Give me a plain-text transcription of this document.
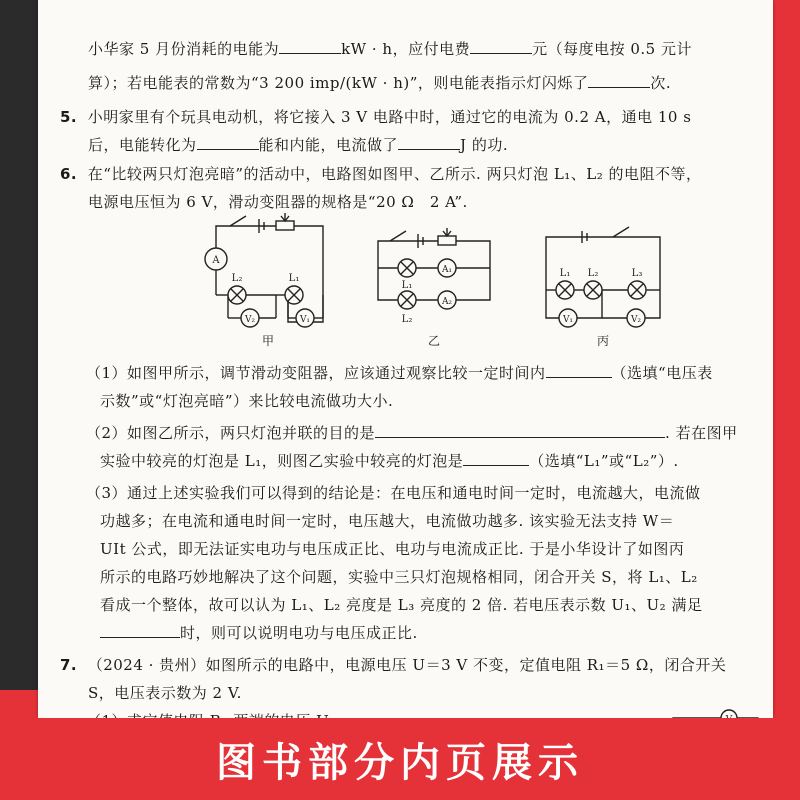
小华家 5 月份消耗的电能为	kW · h，应付电费	元（每度电按 0.5 元计
算）；若电能表的常数为“3 200 imp/(kW · h)”，则电能表指示灯闪烁了	次.
5. 小明家里有个玩具电动机，将它接入 3 V 电路中时，通过它的电流为 0.2 A，通电 10 s
后，电能转化为	能和内能，电流做了	J 的功.
6. 在“比较两只灯泡亮暗”的活动中，电路图如图甲、乙所示. 两只灯泡 L₁、L₂ 的电阻不等，
电源电压恒为 6 V，滑动变阻器的规格是“20 Ω　2 A”.
A
V₂	V₁
L₂	L₁
A₁
A₂
L₁
L₂
L₁ L₂	L₃
V₁	V₂
甲	乙	丙
（1）如图甲所示，调节滑动变阻器，应该通过观察比较一定时间内	（选填“电压表
示数”或“灯泡亮暗”）来比较电流做功大小.
（2）如图乙所示，两只灯泡并联的目的是	. 若在图甲
实验中较亮的灯泡是 L₁，则图乙实验中较亮的灯泡是	（选填“L₁”或“L₂”）.
（3）通过上述实验我们可以得到的结论是：在电压和通电时间一定时，电流越大，电流做
功越多；在电流和通电时间一定时，电压越大，电流做功越多. 该实验无法支持 W＝
UIt 公式，即无法证实电功与电压成正比、电功与电流成正比. 于是小华设计了如图丙
所示的电路巧妙地解决了这个问题，实验中三只灯泡规格相同，闭合开关 S，将 L₁、L₂
看成一个整体，故可以认为 L₁、L₂ 亮度是 L₃ 亮度的 2 倍. 若电压表示数 U₁、U₂ 满足
时，则可以说明电功与电压成正比.
7. （2024 · 贵州）如图所示的电路中，电源电压 U＝3 V 不变，定值电阻 R₁＝5 Ω，闭合开关
S，电压表示数为 2 V.
图书部分内页展示
